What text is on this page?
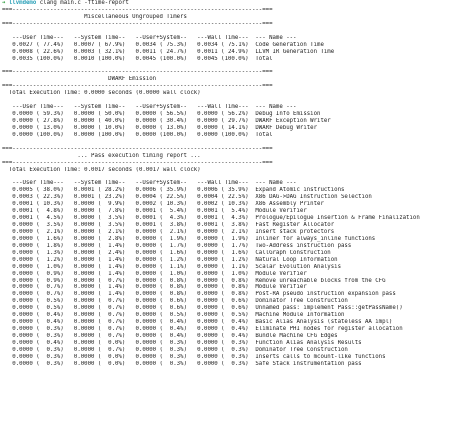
➜ llvmdemo clang main.c -ftime-report
===-------------------------------------------------------------------------===
Miscellaneous Ungrouped Timers
===-------------------------------------------------------------------------===
---User Time---   --System Time--   --User+System--   ---Wall Time---  --- Name ---
0.0027 ( 77.4%)   0.0007 ( 67.9%)   0.0034 ( 75.3%)   0.0034 ( 75.1%)  Code Generation Time
0.0008 ( 22.6%)   0.0003 ( 32.1%)   0.0011 ( 24.7%)   0.0011 ( 24.9%)  LLVM IR Generation Time
0.0035 (100.0%)   0.0010 (100.0%)   0.0045 (100.0%)   0.0045 (100.0%)  Total
===-------------------------------------------------------------------------===
DWARF Emission
===-------------------------------------------------------------------------===
Total Execution Time: 0.0000 seconds (0.0000 wall clock)
---User Time---   --System Time--   --User+System--   ---Wall Time---  --- Name ---
0.0000 ( 59.3%)   0.0000 ( 50.0%)   0.0000 ( 56.5%)   0.0000 ( 56.2%)  Debug Info Emission
0.0000 ( 27.8%)   0.0000 ( 40.0%)   0.0000 ( 30.4%)   0.0000 ( 29.7%)  DWARF Exception Writer
0.0000 ( 13.0%)   0.0000 ( 10.0%)   0.0000 ( 13.0%)   0.0000 ( 14.1%)  DWARF Debug Writer
0.0000 (100.0%)   0.0000 (100.0%)   0.0000 (100.0%)   0.0000 (100.0%)  Total
===-------------------------------------------------------------------------===
... Pass execution timing report ...
===-------------------------------------------------------------------------===
Total Execution Time: 0.0017 seconds (0.0017 wall clock)
---User Time---   --System Time--   --User+System--   ---Wall Time---  --- Name ---
0.0005 ( 38.0%)   0.0001 ( 28.2%)   0.0006 ( 35.9%)   0.0006 ( 35.9%)  Expand Atomic instructions
0.0003 ( 22.3%)   0.0001 ( 23.2%)   0.0004 ( 22.5%)   0.0004 ( 22.5%)  X86 DAG->DAG Instruction Selection
0.0001 ( 10.3%)   0.0000 (  9.9%)   0.0002 ( 10.3%)   0.0002 ( 10.3%)  X86 Assembly Printer
0.0001 (  4.8%)   0.0000 (  7.8%)   0.0001 (  5.4%)   0.0001 (  5.4%)  Module Verifier
0.0001 (  4.5%)   0.0000 (  3.5%)   0.0001 (  4.3%)   0.0001 (  4.3%)  Prologue/Epilogue Insertion & Frame Finalization
0.0000 (  3.5%)   0.0000 (  3.5%)   0.0001 (  3.8%)   0.0001 (  3.8%)  Fast Register Allocator
0.0000 (  2.1%)   0.0000 (  2.1%)   0.0000 (  2.1%)   0.0000 (  2.1%)  Insert stack protectors
0.0000 (  1.6%)   0.0000 (  2.8%)   0.0000 (  1.9%)   0.0000 (  1.9%)  Inliner for always_inline functions
0.0000 (  1.8%)   0.0000 (  1.4%)   0.0000 (  1.7%)   0.0000 (  1.7%)  Two-Address instruction pass
0.0000 (  1.3%)   0.0000 (  2.4%)   0.0000 (  1.6%)   0.0000 (  1.6%)  CallGraph Construction
0.0000 (  1.2%)   0.0000 (  1.4%)   0.0000 (  1.2%)   0.0000 (  1.2%)  Natural Loop Information
0.0000 (  1.0%)   0.0000 (  1.4%)   0.0000 (  1.1%)   0.0000 (  1.1%)  Scalar Evolution Analysis
0.0000 (  0.9%)   0.0000 (  1.4%)   0.0000 (  1.0%)   0.0000 (  1.0%)  Module Verifier
0.0000 (  0.9%)   0.0000 (  0.7%)   0.0000 (  0.8%)   0.0000 (  0.8%)  Remove unreachable blocks from the CFG
0.0000 (  0.7%)   0.0000 (  1.4%)   0.0000 (  0.8%)   0.0000 (  0.8%)  Module Verifier
0.0000 (  0.7%)   0.0000 (  1.4%)   0.0000 (  0.8%)   0.0000 (  0.8%)  Post-RA pseudo instruction expansion pass
0.0000 (  0.5%)   0.0000 (  0.7%)   0.0000 (  0.6%)   0.0000 (  0.6%)  Dominator Tree Construction
0.0000 (  0.5%)   0.0000 (  0.7%)   0.0000 (  0.6%)   0.0000 (  0.6%)  Unnamed pass: implement Pass::getPassName()
0.0000 (  0.4%)   0.0000 (  0.7%)   0.0000 (  0.5%)   0.0000 (  0.5%)  Machine Module Information
0.0000 (  0.4%)   0.0000 (  0.7%)   0.0000 (  0.4%)   0.0000 (  0.4%)  Basic Alias Analysis (stateless AA impl)
0.0000 (  0.3%)   0.0000 (  0.7%)   0.0000 (  0.4%)   0.0000 (  0.4%)  Eliminate PHI nodes for register allocation
0.0000 (  0.3%)   0.0000 (  0.7%)   0.0000 (  0.4%)   0.0000 (  0.4%)  Bundle Machine CFG Edges
0.0000 (  0.4%)   0.0000 (  0.0%)   0.0000 (  0.3%)   0.0000 (  0.3%)  Function Alias Analysis Results
0.0000 (  0.3%)   0.0000 (  0.7%)   0.0000 (  0.3%)   0.0000 (  0.3%)  Dominator Tree Construction
0.0000 (  0.3%)   0.0000 (  0.0%)   0.0000 (  0.3%)   0.0000 (  0.3%)  Inserts calls to mcount-like functions
0.0000 (  0.3%)   0.0000 (  0.0%)   0.0000 (  0.3%)   0.0000 (  0.3%)  Safe Stack instrumentation pass
